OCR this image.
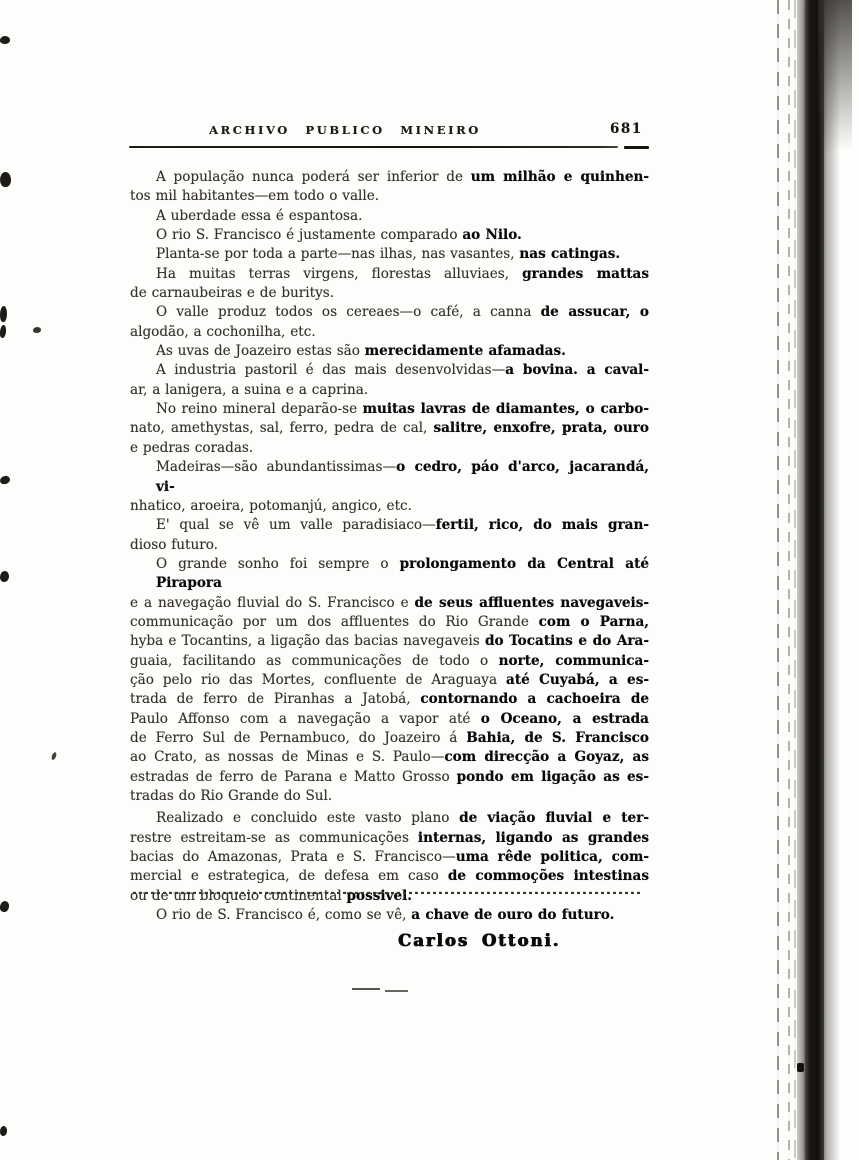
ARCHIVO PUBLICO MINEIRO	681
A população nunca poderá ser inferior de um milhão e quinhen-
tos mil habitantes—em todo o valle.
A uberdade essa é espantosa.
O rio S. Francisco é justamente comparado ao Nilo.
Planta-se por toda a parte—nas ilhas, nas vasantes, nas catingas.
Ha muitas terras virgens, florestas alluviaes, grandes mattas
de carnaubeiras e de buritys.
O valle produz todos os cereaes—o café, a canna de assucar, o
algodão, a cochonilha, etc.
As uvas de Joazeiro estas são merecidamente afamadas.
A industria pastoril é das mais desenvolvidas—a bovina. a caval-
ar, a lanigera, a suina e a caprina.
No reino mineral deparão-se muitas lavras de diamantes, o carbo-
nato, amethystas, sal, ferro, pedra de cal, salitre, enxofre, prata, ouro
e pedras coradas.
Madeiras—são abundantissimas—o cedro, páo d'arco, jacarandá, vi-
nhatico, aroeira, potomanjú, angico, etc.
E' qual se vê um valle paradisiaco—fertil, rico, do mais gran-
dioso futuro.
O grande sonho foi sempre o prolongamento da Central até Pirapora
e a navegação fluvial do S. Francisco e de seus affluentes navegaveis-
communicação por um dos affluentes do Rio Grande com o Parna,
hyba e Tocantins, a ligação das bacias navegaveis do Tocatins e do Ara-
guaia, facilitando as communicações de todo o norte, communica-
ção pelo rio das Mortes, confluente de Araguaya até Cuyabá, a es-
trada de ferro de Piranhas a Jatobá, contornando a cachoeira de
Paulo Affonso com a navegação a vapor até o Oceano, a estrada
de Ferro Sul de Pernambuco, do Joazeiro á Bahia, de S. Francisco
ao Crato, as nossas de Minas e S. Paulo—com direcção a Goyaz, as
estradas de ferro de Parana e Matto Grosso pondo em ligação as es-
tradas do Rio Grande do Sul.
Realizado e concluido este vasto plano de viação fluvial e ter-
restre estreitam-se as communicações internas, ligando as grandes
bacias do Amazonas, Prata e S. Francisco—uma rêde politica, com-
mercial e estrategica, de defesa em caso de commoções intestinas
ou de um bloqueio continental possivel.
O rio de S. Francisco é, como se vê, a chave de ouro do futuro.
Carlos Ottoni.
